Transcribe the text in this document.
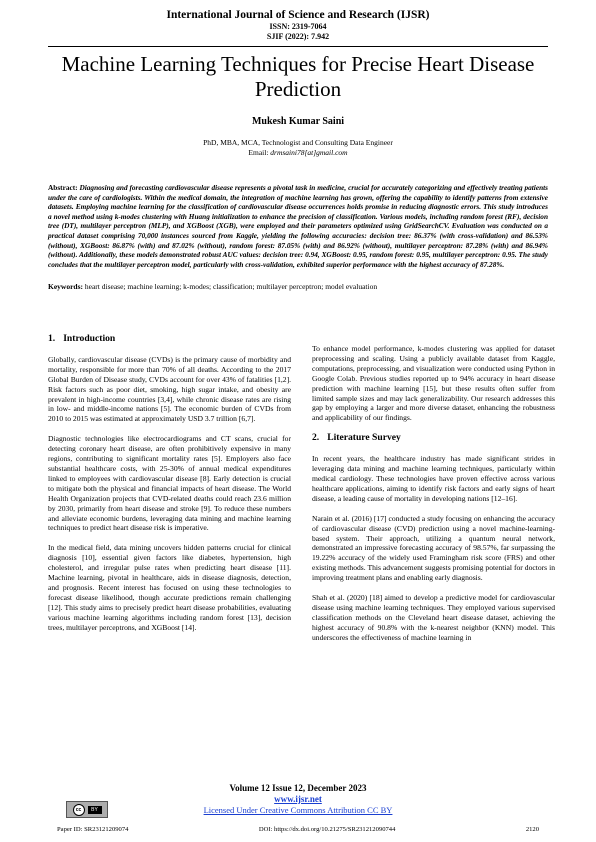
International Journal of Science and Research (IJSR)
ISSN: 2319-7064
SJIF (2022): 7.942
Machine Learning Techniques for Precise Heart Disease Prediction
Mukesh Kumar Saini
PhD, MBA, MCA, Technologist and Consulting Data Engineer
Email: drmsaini78[at]gmail.com
Abstract: Diagnosing and forecasting cardiovascular disease represents a pivotal task in medicine, crucial for accurately categorizing and effectively treating patients under the care of cardiologists. Within the medical domain, the integration of machine learning has grown, offering the capability to identify patterns from extensive datasets. Employing machine learning for the classification of cardiovascular disease occurrences holds promise in reducing diagnostic errors. This study introduces a novel method using k-modes clustering with Huang initialization to enhance the precision of classification. Various models, including random forest (RF), decision tree (DT), multilayer perceptron (MLP), and XGBoost (XGB), were employed and their parameters optimized using GridSearchCV. Evaluation was conducted on a practical dataset comprising 70,000 instances sourced from Kaggle, yielding the following accuracies: decision tree: 86.37% (with cross-validation) and 86.53% (without), XGBoost: 86.87% (with) and 87.02% (without), random forest: 87.05% (with) and 86.92% (without), multilayer perceptron: 87.28% (with) and 86.94% (without). Additionally, these models demonstrated robust AUC values: decision tree: 0.94, XGBoost: 0.95, random forest: 0.95, multilayer perceptron: 0.95. The study concludes that the multilayer perceptron model, particularly with cross-validation, exhibited superior performance with the highest accuracy of 87.28%.
Keywords: heart disease; machine learning; k-modes; classification; multilayer perceptron; model evaluation
1. Introduction

Globally, cardiovascular disease (CVDs) is the primary cause of morbidity and mortality, responsible for more than 70% of all deaths. According to the 2017 Global Burden of Disease study, CVDs account for over 43% of fatalities [1,2]. Risk factors such as poor diet, smoking, high sugar intake, and obesity are prevalent in high-income countries [3,4], while chronic disease rates are rising in low- and middle-income nations [5]. The economic burden of CVDs from 2010 to 2015 was estimated at approximately USD 3.7 trillion [6,7].

Diagnostic technologies like electrocardiograms and CT scans, crucial for detecting coronary heart disease, are often prohibitively expensive in many regions, contributing to significant mortality rates [5]. Employers also face substantial healthcare costs, with 25-30% of annual medical expenditures linked to employees with cardiovascular disease [8]. Early detection is crucial to mitigate both the physical and financial impacts of heart disease. The World Health Organization projects that CVD-related deaths could reach 23.6 million by 2030, primarily from heart disease and stroke [9]. To reduce these numbers and alleviate economic burdens, leveraging data mining and machine learning techniques to predict heart disease risk is imperative.

In the medical field, data mining uncovers hidden patterns crucial for clinical diagnosis [10], essential given factors like diabetes, hypertension, high cholesterol, and irregular pulse rates when predicting heart disease [11]. Machine learning, pivotal in healthcare, aids in disease diagnosis, detection, and prognosis. Recent interest has focused on using these technologies to forecast disease likelihood, though accurate predictions remain challenging [12]. This study aims to precisely predict heart disease probabilities, evaluating various machine learning algorithms including random forest [13], decision trees, multilayer perceptrons, and XGBoost [14].

To enhance model performance, k-modes clustering was applied for dataset preprocessing and scaling. Using a publicly available dataset from Kaggle, computations, preprocessing, and visualization were conducted using Python in Google Colab. Previous studies reported up to 94% accuracy in heart disease prediction with machine learning [15], but these results often suffer from limited sample sizes and may lack generalizability. Our research addresses this gap by employing a larger and more diverse dataset, enhancing the robustness and applicability of our findings.

2. Literature Survey

In recent years, the healthcare industry has made significant strides in leveraging data mining and machine learning techniques, particularly within medical cardiology. These technologies have proven effective across various healthcare applications, aiming to identify risk factors and early signs of heart disease, a leading cause of mortality in developing nations [12–16].

Narain et al. (2016) [17] conducted a study focusing on enhancing the accuracy of cardiovascular disease (CVD) prediction using a novel machine-learning-based system. Their approach, utilizing a quantum neural network, demonstrated an impressive forecasting accuracy of 98.57%, far surpassing the 19.22% accuracy of the widely used Framingham risk score (FRS) and other existing methods. This advancement suggests promising potential for doctors in improving treatment plans and enabling early diagnosis.

Shah et al. (2020) [18] aimed to develop a predictive model for cardiovascular disease using machine learning techniques. They employed various supervised classification methods on the Cleveland heart disease dataset, achieving the highest accuracy of 90.8% with the k-nearest neighbor (KNN) model. This underscores the effectiveness of machine learning in

Volume 12 Issue 12, December 2023
www.ijsr.net
Licensed Under Creative Commons Attribution CC BY
cc	BY
Paper ID: SR23121209074	DOI: https://dx.doi.org/10.21275/SR231212090744	2120
